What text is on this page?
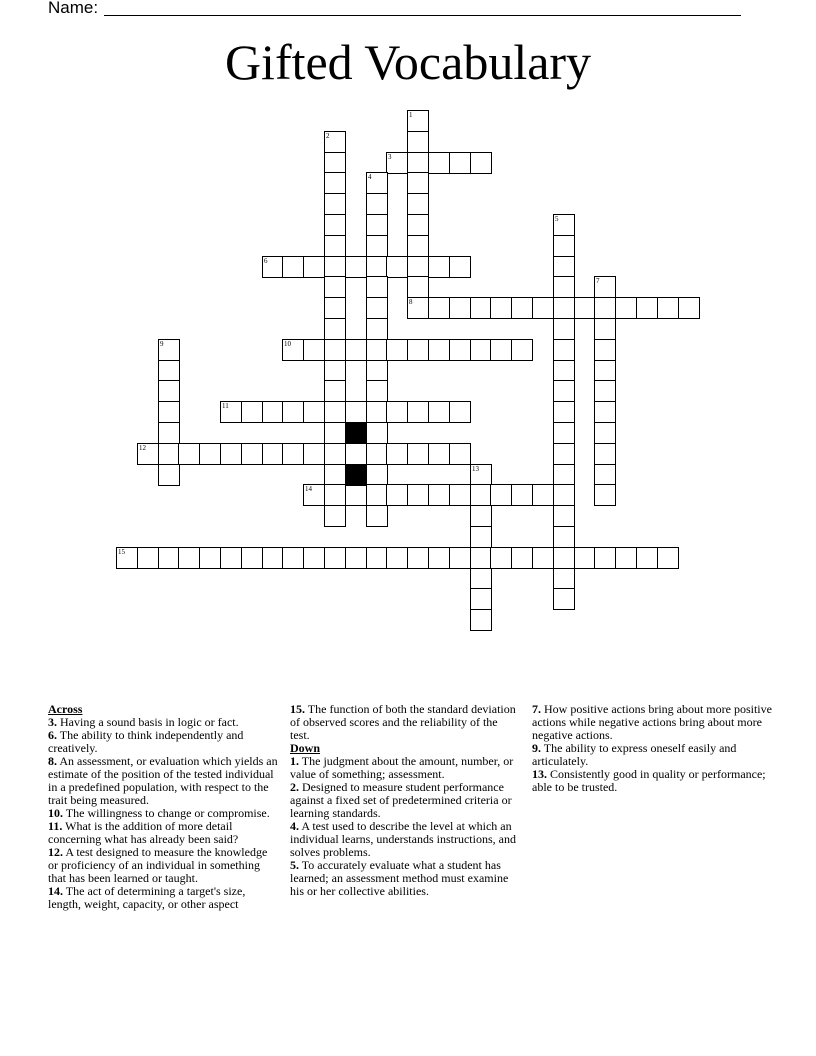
Name:
Gifted Vocabulary
1
2
3
4
5
6
7
8
9	10
11
12
13
14
15

Across

3. Having a sound basis in logic or fact.

6. The ability to think independently and creatively.

8. An assessment, or evaluation which yields an estimate of the position of the tested individual in a predefined population, with respect to the trait being measured.

10. The willingness to change or compromise.

11. What is the addition of more detail concerning what has already been said?

12. A test designed to measure the knowledge or proficiency of an individual in something that has been learned or taught.

14. The act of determining a target's size, length, weight, capacity, or other aspect

15. The function of both the standard deviation of observed scores and the reliability of the test.

Down

1. The judgment about the amount, number, or value of something; assessment.

2. Designed to measure student performance against a fixed set of predetermined criteria or learning standards.

4. A test used to describe the level at which an individual learns, understands instructions, and solves problems.

5. To accurately evaluate what a student has learned; an assessment method must examine his or her collective abilities.

7. How positive actions bring about more positive actions while negative actions bring about more negative actions.

9. The ability to express oneself easily and articulately.

13. Consistently good in quality or performance; able to be trusted.
